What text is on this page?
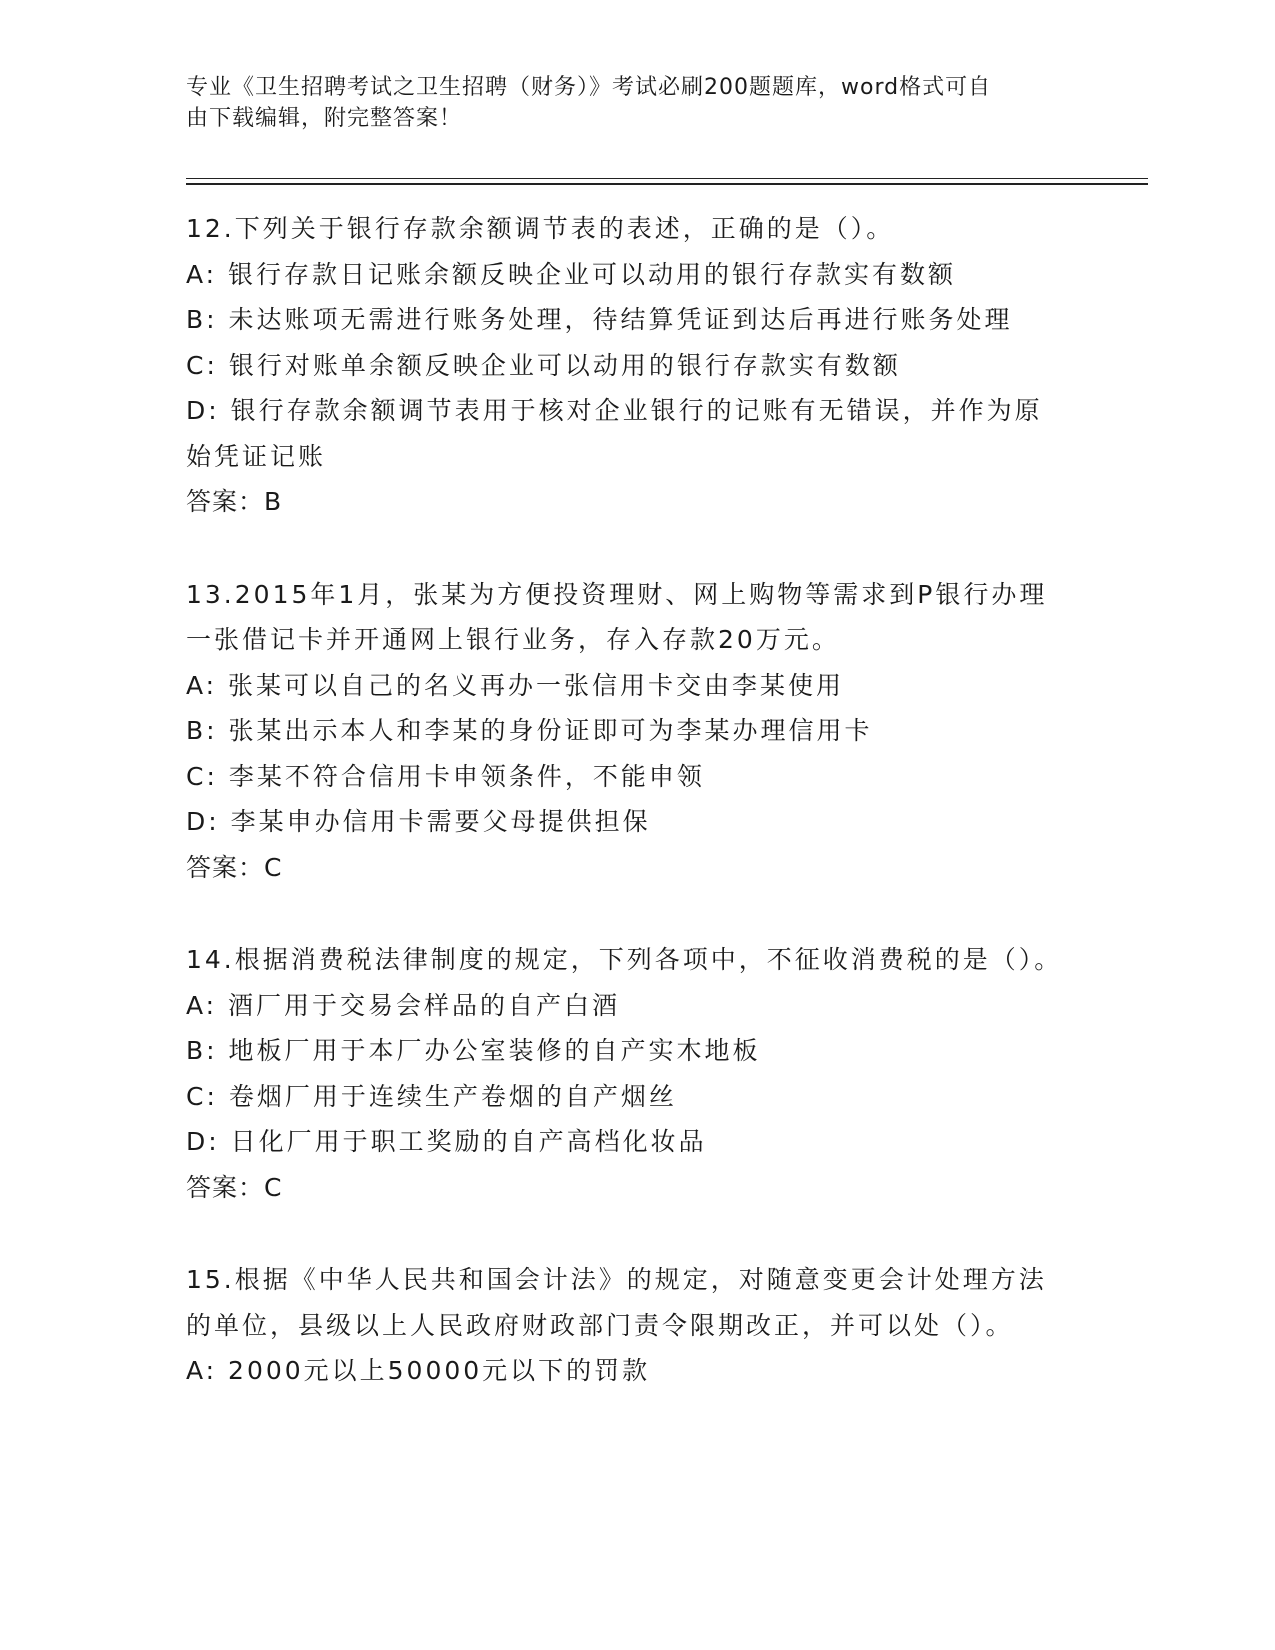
专业《卫生招聘考试之卫生招聘（财务）》考试必刷200题题库，word格式可自
由下载编辑，附完整答案！
12.下列关于银行存款余额调节表的表述，正确的是（）。
A: 银行存款日记账余额反映企业可以动用的银行存款实有数额
B: 未达账项无需进行账务处理，待结算凭证到达后再进行账务处理
C: 银行对账单余额反映企业可以动用的银行存款实有数额
D: 银行存款余额调节表用于核对企业银行的记账有无错误，并作为原始凭证记账
答案：B
13.2015年1月，张某为方便投资理财、网上购物等需求到P银行办理一张借记卡并开通网上银行业务，存入存款20万元。
A: 张某可以自己的名义再办一张信用卡交由李某使用
B: 张某出示本人和李某的身份证即可为李某办理信用卡
C: 李某不符合信用卡申领条件，不能申领
D: 李某申办信用卡需要父母提供担保
答案：C
14.根据消费税法律制度的规定，下列各项中，不征收消费税的是（）。
A: 酒厂用于交易会样品的自产白酒
B: 地板厂用于本厂办公室装修的自产实木地板
C: 卷烟厂用于连续生产卷烟的自产烟丝
D: 日化厂用于职工奖励的自产高档化妆品
答案：C
15.根据《中华人民共和国会计法》的规定，对随意变更会计处理方法的单位，县级以上人民政府财政部门责令限期改正，并可以处（）。
A: 2000元以上50000元以下的罚款
